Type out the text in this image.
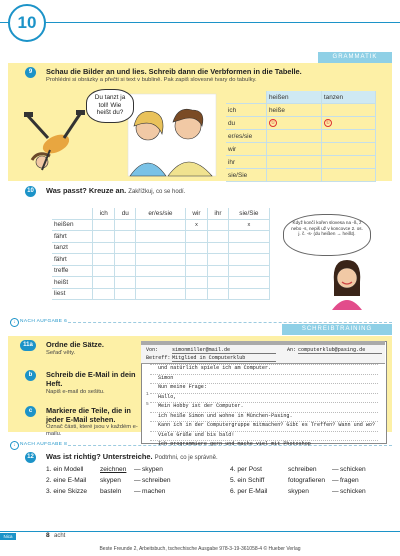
10
GRAMMATIK
9	Schau die Bilder an und lies. Schreib dann die Verbformen in die Tabelle.
Prohlédni si obrázky a přečti si text v bublině. Pak zapiš slovesné tvary do tabulky.
Du tanzt ja toll! Wie heißt du?
	heißen	tanzen
ich	heiße	
du	①	①
er/es/sie		
wir		
ihr		
sie/Sie		
10 Was passt? Kreuze an. Zakřížkuj, co se hodí.
	ich	du	er/es/sie	wir	ihr	sie/Sie
heißen				x		x
fährt						
tanzt						
fährt						
treffe						
heißt						
liest						
Když končí kořen slovesa na -ß, z nebo -s, nepiš už v koncovce 2. os. j. č. -s- (du heißen → heißt).
↓ NACH AUFGABE 6
SCHREIBTRAINING
11a	Ordne die Sätze.
Seřaď věty.
b	Schreib die E-Mail in dein Heft.
Napiš e-mail do sešitu.
c	Markiere die Teile, die in jeder E-Mail stehen.
Označ části, které jsou v každém e-mailu.
Von:	simonmiller@mail.de	An: computerklub@pasing.de
Betreff: Mitglied in Computerklub
und natürlich spiele ich am Computer.
Simon
Nun meine Frage:
Hallo,
Mein Hobby ist der Computer.
ich heiße Simon und wohne in München-Pasing.
Kann ich in der Computergruppe mitmachen? Gibt es Treffen? Wann und wo?
Viele Grüße und bis bald!
Ich programmiere gern und mache viel mit Photoshop
1
5
↓ NACH AUFGABE 8
12 Was ist richtig? Unterstreiche. Podtrhni, co je správně.
1. ein Modell	zeichnen — skypen
2. eine E-Mail skypen — schreiben
3. eine Skizze basteln — machen
4. per Post	schreiben — schicken
5. ein Schiff	fotografieren — fragen
6. per E-Mail	skypen	— schicken
Nica	8 acht
Beste Freunde 2, Arbeitsbuch, tschechische Ausgabe 978-3-19-361058-4 © Hueber Verlag
